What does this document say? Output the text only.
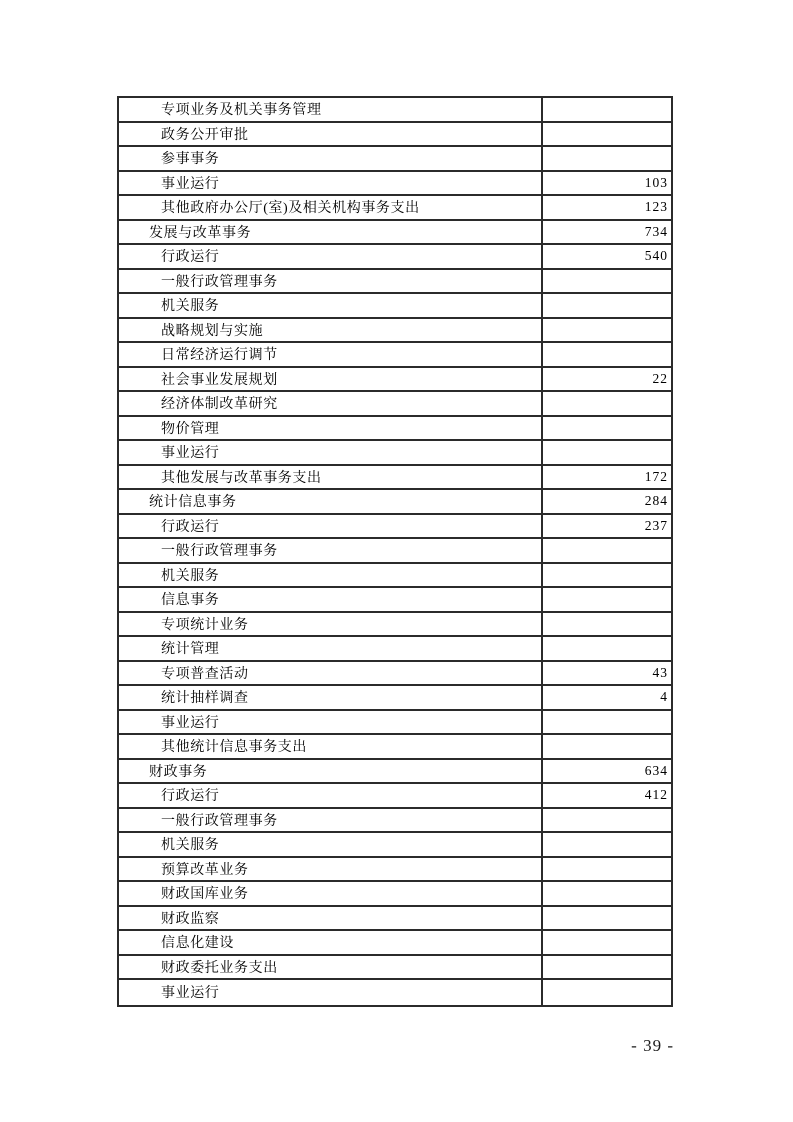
专项业务及机关事务管理
政务公开审批
参事事务
事业运行	103
其他政府办公厅(室)及相关机构事务支出	123
发展与改革事务	734
行政运行	540
一般行政管理事务
机关服务
战略规划与实施
日常经济运行调节
社会事业发展规划	22
经济体制改革研究
物价管理
事业运行
其他发展与改革事务支出	172
统计信息事务	284
行政运行	237
一般行政管理事务
机关服务
信息事务
专项统计业务
统计管理
专项普查活动	43
统计抽样调查	4
事业运行
其他统计信息事务支出
财政事务	634
行政运行	412
一般行政管理事务
机关服务
预算改革业务
财政国库业务
财政监察
信息化建设
财政委托业务支出
事业运行
- 39 -
